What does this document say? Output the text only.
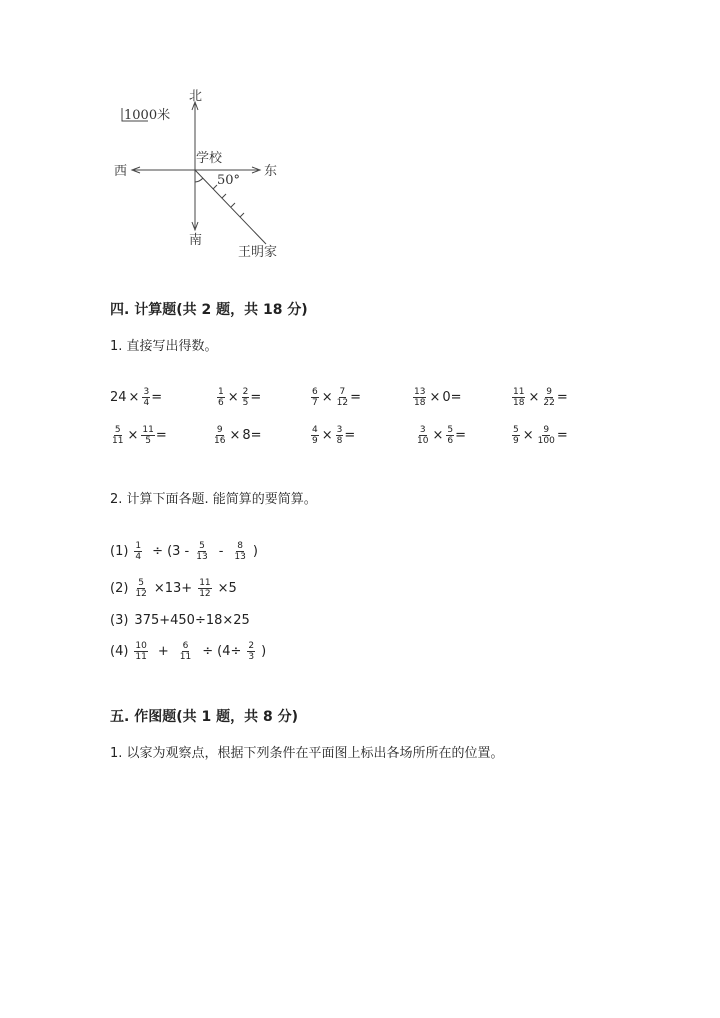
1000米
北
南
西	东
学校
50°
王明家
四. 计算题(共 2 题，共 18 分)
1. 直接写出得数。
$24 \times \frac{3}{4}$ =	$\frac{1}{6} \times \frac{2}{5}$ =	$\frac{6}{7} \times \frac{7}{12}$ =	$\frac{13}{18} \times 0$ =	$\frac{11}{18} \times \frac{9}{22}$ =
$\frac{5}{11} \times \frac{11}{5}$ =	$\frac{9}{16} \times 8$ =	$\frac{4}{9} \times \frac{3}{8}$ =	$\frac{3}{10} \times \frac{5}{6}$ =	$\frac{5}{9} \times \frac{9}{100}$ =
2. 计算下面各题. 能简算的要简算。
$(1) \frac{1}{4} \div (3 - \frac{5}{13} - \frac{8}{13}$ )
$(2) \frac{5}{12} \times 13+ \frac{11}{12} \times 5$
(3) 375+450÷18×25
$(4) \frac{10}{11} + \frac{6}{11} \div (4\div \frac{2}{3}$ )
五. 作图题(共 1 题，共 8 分)
1. 以家为观察点，根据下列条件在平面图上标出各场所所在的位置。
